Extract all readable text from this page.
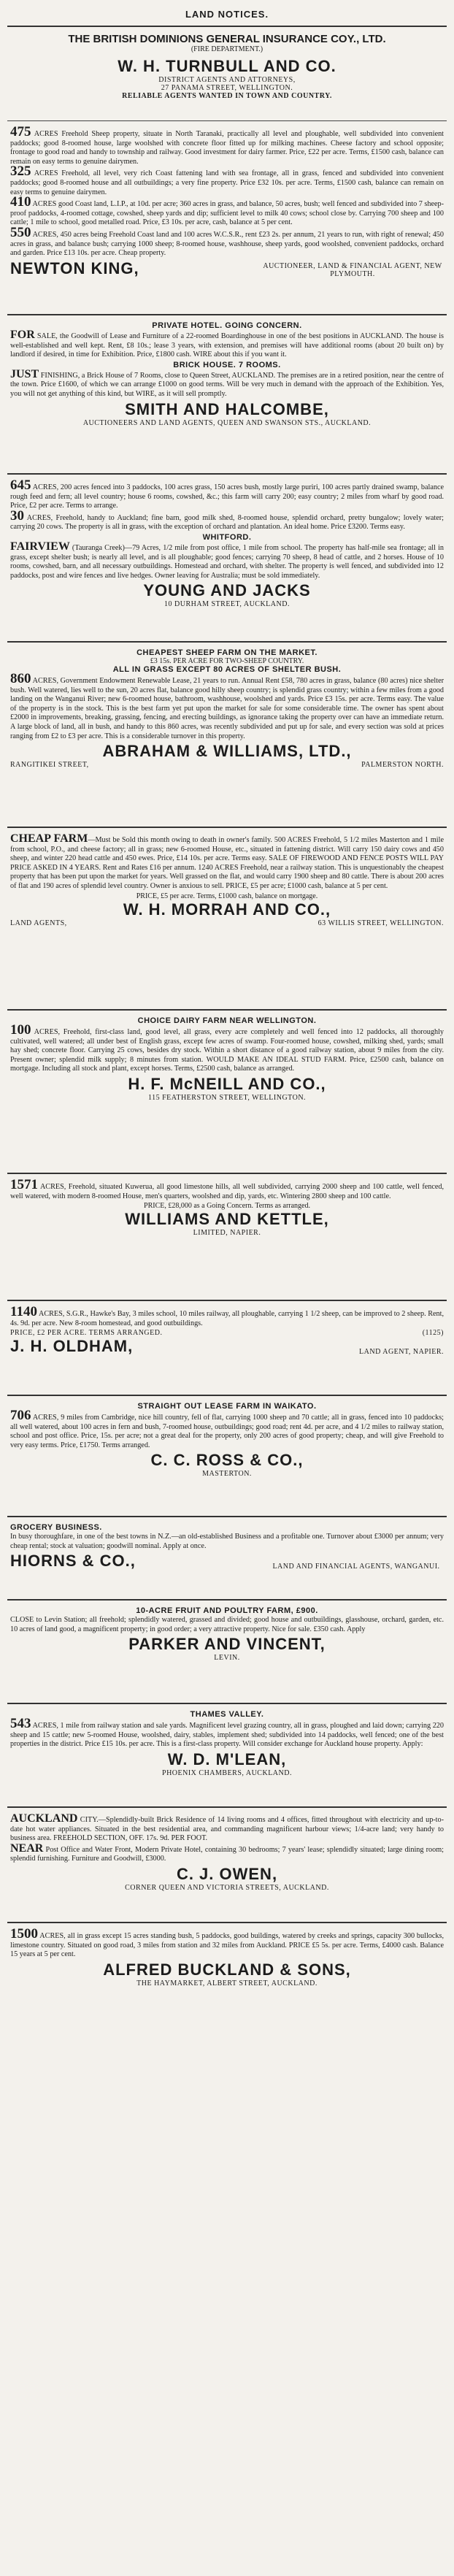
LAND NOTICES.
THE BRITISH DOMINIONS GENERAL INSURANCE COY., LTD.
(FIRE DEPARTMENT.)
W. H. TURNBULL AND CO.
DISTRICT AGENTS AND ATTORNEYS,
27 PANAMA STREET, WELLINGTON.
RELIABLE AGENTS WANTED IN TOWN AND COUNTRY.
475 ACRES Freehold Sheep property, situate in North Taranaki, practically all level and ploughable, well subdivided into convenient paddocks; good 8-roomed house, large woolshed with concrete floor fitted up for milking machines. Cheese factory and school opposite; frontage to good road and handy to township and railway. Good investment for dairy farmer. Price, £22 per acre. Terms, £1500 cash, balance can remain on easy terms to genuine dairymen.
325 ACRES Freehold, all level, very rich Coast fattening land with sea frontage, all in grass, fenced and subdivided into convenient paddocks; good 8-roomed house and all outbuildings; a very fine property. Price £32 10s. per acre. Terms, £1500 cash, balance can remain on easy terms to genuine dairymen.
410 ACRES good Coast land, L.I.P., at 10d. per acre; 360 acres in grass, and balance, 50 acres, bush; well fenced and subdivided into 7 sheep-proof paddocks, 4-roomed cottage, cowshed, sheep yards and dip; sufficient level to milk 40 cows; school close by. Carrying 700 sheep and 100 cattle; 1 mile to school, good metalled road. Price, £3 10s. per acre, cash, balance at 5 per cent.
550 ACRES, 450 acres being Freehold Coast land and 100 acres W.C.S.R., rent £23 2s. per annum, 21 years to run, with right of renewal; 450 acres in grass, and balance bush; carrying 1000 sheep; 8-roomed house, washhouse, sheep yards, good woolshed, convenient paddocks, orchard and garden. Price £13 10s. per acre. Cheap property.
NEWTON KING,	AUCTIONEER, LAND & FINANCIAL AGENT, NEW PLYMOUTH.
PRIVATE HOTEL. GOING CONCERN.
FOR SALE, the Goodwill of Lease and Furniture of a 22-roomed Boardinghouse in one of the best positions in AUCKLAND. The house is well-established and well kept. Rent, £8 10s.; lease 3 years, with extension, and premises will have additional rooms (about 20 built on) by landlord if desired, in time for Exhibition. Price, £1800 cash. WIRE about this if you want it.
BRICK HOUSE. 7 ROOMS.
JUST FINISHING, a Brick House of 7 Rooms, close to Queen Street, AUCKLAND. The premises are in a retired position, near the centre of the town. Price £1600, of which we can arrange £1000 on good terms. Will be very much in demand with the approach of the Exhibition. Yes, you will not get anything of this kind, but WIRE, as it will sell promptly.
SMITH AND HALCOMBE,
AUCTIONEERS AND LAND AGENTS, QUEEN AND SWANSON STS., AUCKLAND.
645 ACRES, 200 acres fenced into 3 paddocks, 100 acres grass, 150 acres bush, mostly large puriri, 100 acres partly drained swamp, balance rough feed and fern; all level country; house 6 rooms, cowshed, &c.; this farm will carry 200; easy country; 2 miles from wharf by good road. Price, £2 per acre. Terms to arrange.
30 ACRES, Freehold, handy to Auckland; fine barn, good milk shed, 8-roomed house, splendid orchard, pretty bungalow; lovely water; carrying 20 cows. The property is all in grass, with the exception of orchard and plantation. An ideal home. Price £3200. Terms easy.
WHITFORD.
FAIRVIEW (Tauranga Creek)—79 Acres, 1/2 mile from post office, 1 mile from school. The property has half-mile sea frontage; all in grass, except shelter bush; is nearly all level, and is all ploughable; good fences; carrying 70 sheep, 8 head of cattle, and 2 horses. House of 10 rooms, cowshed, barn, and all necessary outbuildings. Homestead and orchard, with shelter. The property is well fenced, and subdivided into 12 paddocks, post and wire fences and live hedges. Owner leaving for Australia; must be sold immediately.
YOUNG AND JACKS
10 DURHAM STREET, AUCKLAND.
CHEAPEST SHEEP FARM ON THE MARKET.
£3 15s. PER ACRE FOR TWO-SHEEP COUNTRY.
ALL IN GRASS EXCEPT 80 ACRES OF SHELTER BUSH.
860 ACRES, Government Endowment Renewable Lease, 21 years to run. Annual Rent £58, 780 acres in grass, balance (80 acres) nice shelter bush. Well watered, lies well to the sun, 20 acres flat, balance good hilly sheep country; is splendid grass country; within a few miles from a good landing on the Wanganui River; new 6-roomed house, bathroom, washhouse, woolshed and yards. Price £3 15s. per acre. Terms easy. The value of the property is in the stock. This is the best farm yet put upon the market for sale for some considerable time. The owner has spent about £2000 in improvements, breaking, grassing, fencing, and erecting buildings, as ignorance taking the property over can have an immediate return. A large block of land, all in bush, and handy to this 860 acres, was recently subdivided and put up for sale, and every section was sold at prices ranging from £2 to £3 per acre. This is a considerable turnover in this property.
ABRAHAM & WILLIAMS, LTD.,
RANGITIKEI STREET,	PALMERSTON NORTH.
CHEAP FARM—Must be Sold this month owing to death in owner's family. 500 ACRES Freehold, 5 1/2 miles Masterton and 1 mile from school, P.O., and cheese factory; all in grass; new 6-roomed House, etc., situated in fattening district. Will carry 150 dairy cows and 450 sheep, and winter 220 head cattle and 450 ewes. Price, £14 10s. per acre. Terms easy. SALE OF FIREWOOD AND FENCE POSTS WILL PAY PRICE ASKED IN 4 YEARS. Rent and Rates £16 per annum. 1240 ACRES Freehold, near a railway station. This is unquestionably the cheapest property that has been put upon the market for years. Well grassed on the flat, and would carry 1900 sheep and 80 cattle. There is about 200 acres of flat and 190 acres of splendid level country. Owner is anxious to sell. PRICE, £5 per acre; £1000 cash, balance at 5 per cent.
PRICE, £5 per acre. Terms, £1000 cash, balance on mortgage.
W. H. MORRAH AND CO.,
LAND AGENTS,	63 WILLIS STREET, WELLINGTON.
CHOICE DAIRY FARM NEAR WELLINGTON.
100 ACRES, Freehold, first-class land, good level, all grass, every acre completely and well fenced into 12 paddocks, all thoroughly cultivated, well watered; all under best of English grass, except few acres of swamp. Four-roomed house, cowshed, milking shed, yards; small hay shed; concrete floor. Carrying 25 cows, besides dry stock. Within a short distance of a good railway station, about 9 miles from the city. Present owner; splendid milk supply; 8 minutes from station. WOULD MAKE AN IDEAL STUD FARM. Price, £2500 cash, balance on mortgage. Including all stock and plant, except horses. Terms, £2500 cash, balance as arranged.
H. F. McNEILL AND CO.,
115 FEATHERSTON STREET, WELLINGTON.
1571 ACRES, Freehold, situated Kuwerua, all good limestone hills, all well subdivided, carrying 2000 sheep and 100 cattle, well fenced, well watered, with modern 8-roomed House, men's quarters, woolshed and dip, yards, etc. Wintering 2800 sheep and 100 cattle.
PRICE, £28,000 as a Going Concern. Terms as arranged.
WILLIAMS AND KETTLE,
LIMITED, NAPIER.
1140 ACRES, S.G.R., Hawke's Bay, 3 miles school, 10 miles railway, all ploughable, carrying 1 1/2 sheep, can be improved to 2 sheep. Rent, 4s. 9d. per acre. New 8-room homestead, and good outbuildings.
PRICE, £2 PER ACRE. TERMS ARRANGED.	(1125)
J. H. OLDHAM,	LAND AGENT, NAPIER.
STRAIGHT OUT LEASE FARM IN WAIKATO.
706 ACRES, 9 miles from Cambridge, nice hill country, fell of flat, carrying 1000 sheep and 70 cattle; all in grass, fenced into 10 paddocks; all well watered, about 100 acres in fern and bush, 7-roomed house, outbuildings; good road; rent 4d. per acre, and 4 1/2 miles to railway station, school and post office. Price, 15s. per acre; not a great deal for the property, only 200 acres of good property; cheap, and will give Freehold to very easy terms. Price, £1750. Terms arranged.
C. C. ROSS & CO.,
MASTERTON.
GROCERY BUSINESS.
In busy thoroughfare, in one of the best towns in N.Z.—an old-established Business and a profitable one. Turnover about £3000 per annum; very cheap rental; stock at valuation; goodwill nominal. Apply at once.
HIORNS & CO.,	LAND AND FINANCIAL AGENTS, WANGANUI.
10-ACRE FRUIT AND POULTRY FARM, £900.
CLOSE to Levin Station; all freehold; splendidly watered, grassed and divided; good house and outbuildings, glasshouse, orchard, garden, etc. 10 acres of land good, a magnificent property; in good order; a very attractive property. Nice for sale. £350 cash. Apply
PARKER AND VINCENT,
LEVIN.
THAMES VALLEY.
543 ACRES, 1 mile from railway station and sale yards. Magnificent level grazing country, all in grass, ploughed and laid down; carrying 220 sheep and 15 cattle; new 5-roomed House, woolshed, dairy, stables, implement shed; subdivided into 14 paddocks, well fenced; one of the best properties in the district. Price £15 10s. per acre. This is a first-class property. Will consider exchange for Auckland house property. Apply:
W. D. M'LEAN,
PHOENIX CHAMBERS, AUCKLAND.
AUCKLAND CITY.—Splendidly-built Brick Residence of 14 living rooms and 4 offices, fitted throughout with electricity and up-to-date hot water appliances. Situated in the best residential area, and commanding magnificent harbour views; 1/4-acre land; very handy to business area. FREEHOLD SECTION, OFF. 17s. 9d. PER FOOT.
NEAR Post Office and Water Front, Modern Private Hotel, containing 30 bedrooms; 7 years' lease; splendidly situated; large dining room; splendid furnishing. Furniture and Goodwill, £3000.
C. J. OWEN,
CORNER QUEEN AND VICTORIA STREETS, AUCKLAND.
1500 ACRES, all in grass except 15 acres standing bush, 5 paddocks, good buildings, watered by creeks and springs, capacity 300 bullocks, limestone country. Situated on good road, 3 miles from station and 32 miles from Auckland. PRICE £5 5s. per acre. Terms, £4000 cash. Balance 15 years at 5 per cent.
ALFRED BUCKLAND & SONS,
THE HAYMARKET, ALBERT STREET, AUCKLAND.
